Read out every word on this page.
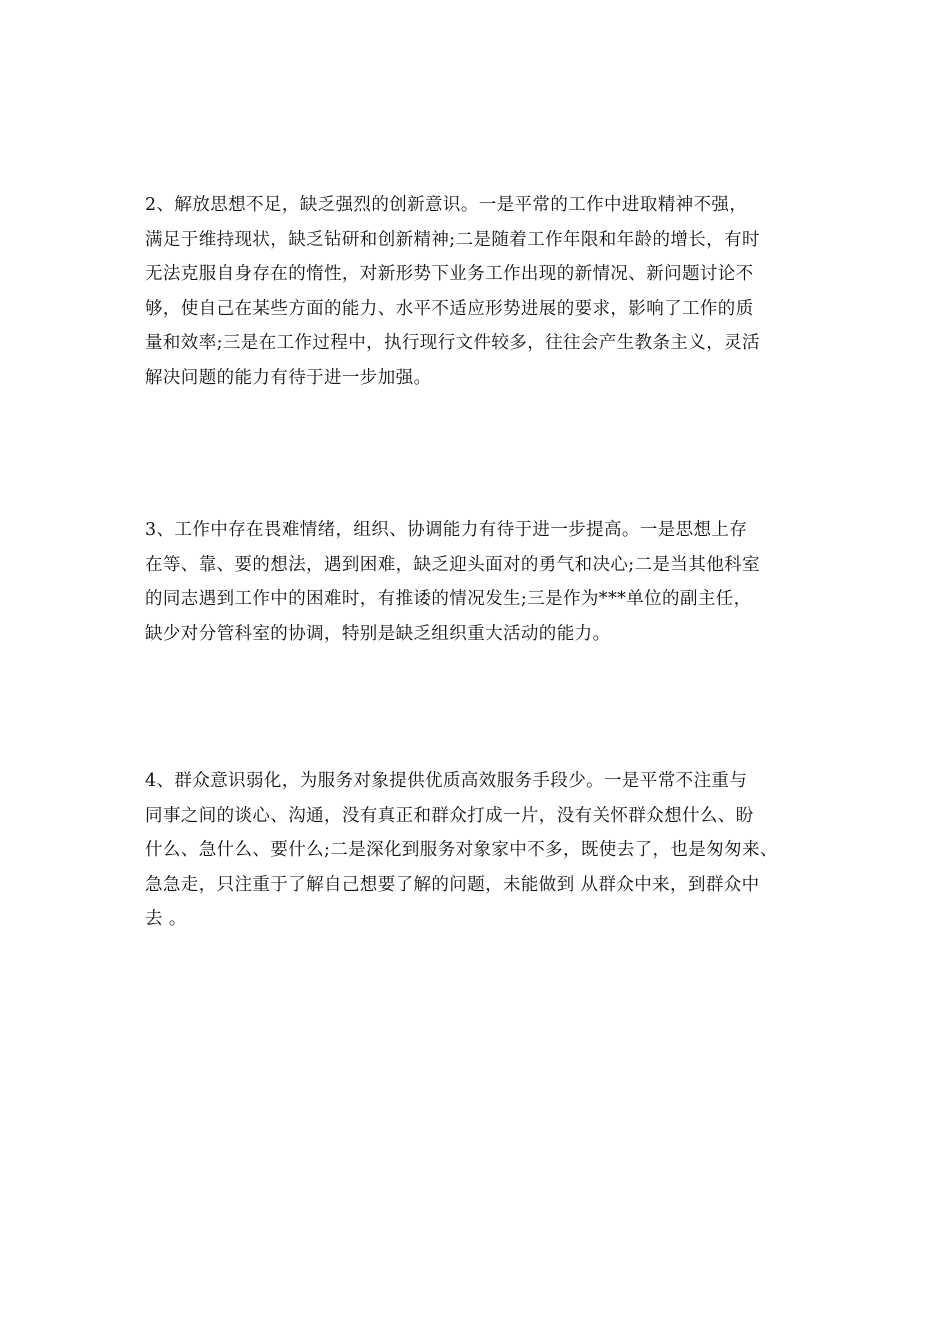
2、解放思想不足，缺乏强烈的创新意识。一是平常的工作中进取精神不强，
满足于维持现状，缺乏钻研和创新精神;二是随着工作年限和年龄的增长，有时
无法克服自身存在的惰性，对新形势下业务工作出现的新情况、新问题讨论不
够，使自己在某些方面的能力、水平不适应形势进展的要求，影响了工作的质
量和效率;三是在工作过程中，执行现行文件较多，往往会产生教条主义，灵活
解决问题的能力有待于进一步加强。
3、工作中存在畏难情绪，组织、协调能力有待于进一步提高。一是思想上存
在等、靠、要的想法，遇到困难，缺乏迎头面对的勇气和决心;二是当其他科室
的同志遇到工作中的困难时，有推诿的情况发生;三是作为***单位的副主任，
缺少对分管科室的协调，特别是缺乏组织重大活动的能力。
4、群众意识弱化，为服务对象提供优质高效服务手段少。一是平常不注重与
同事之间的谈心、沟通，没有真正和群众打成一片，没有关怀群众想什么、盼
什么、急什么、要什么;二是深化到服务对象家中不多，既使去了，也是匆匆来、
急急走，只注重于了解自己想要了解的问题，未能做到 从群众中来，到群众中
去 。
